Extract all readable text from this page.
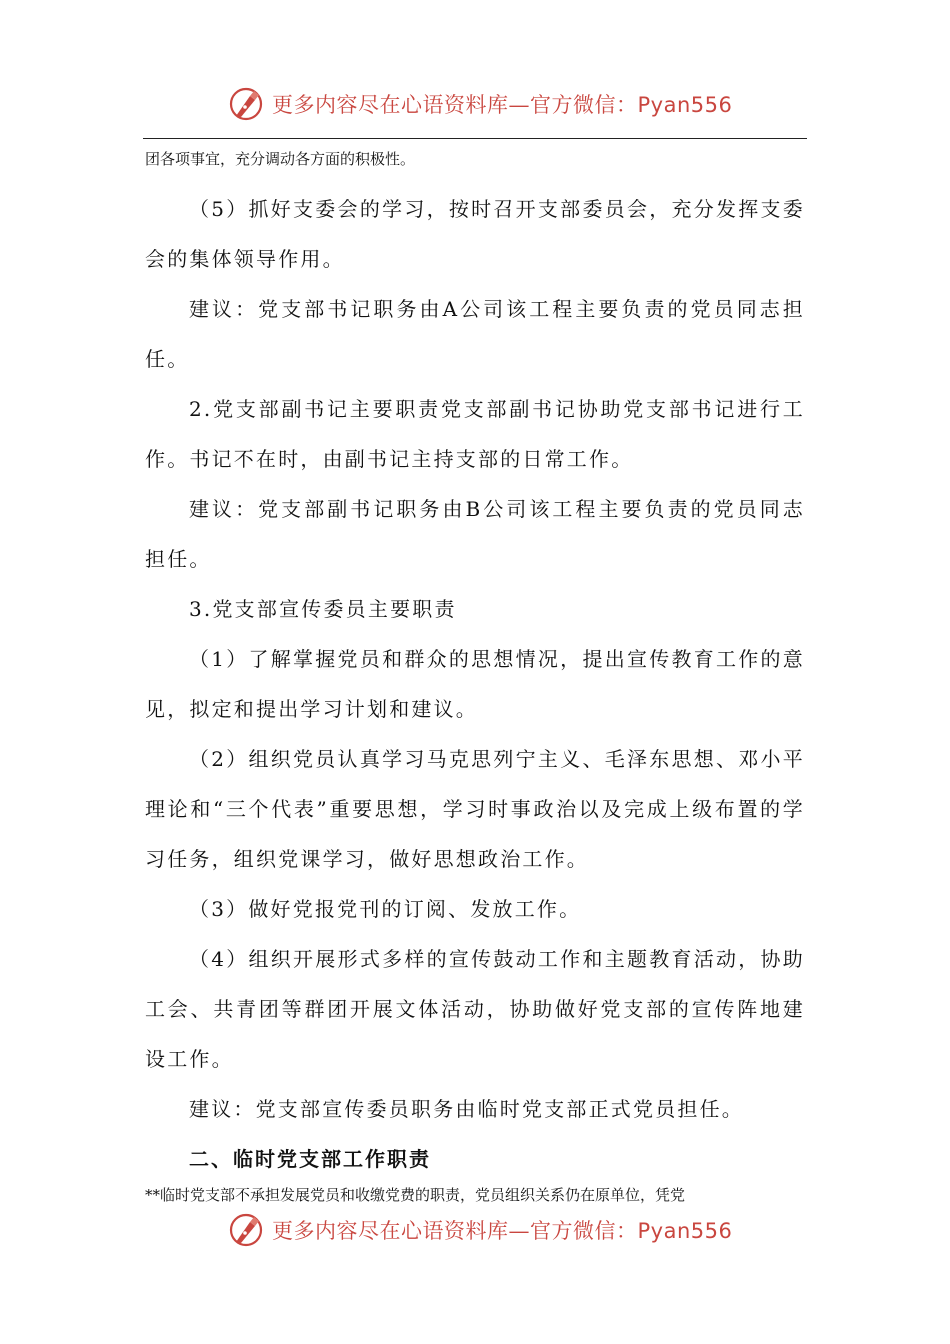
更多内容尽在心语资料库—官方微信：Pyan556

团各项事宜，充分调动各方面的积极性。

（5）抓好支委会的学习，按时召开支部委员会，充分发挥支委会的集体领导作用。

建议：党支部书记职务由A公司该工程主要负责的党员同志担任。

2.党支部副书记主要职责党支部副书记协助党支部书记进行工作。书记不在时，由副书记主持支部的日常工作。

建议：党支部副书记职务由B公司该工程主要负责的党员同志担任。

3.党支部宣传委员主要职责

（1）了解掌握党员和群众的思想情况，提出宣传教育工作的意见，拟定和提出学习计划和建议。

（2）组织党员认真学习马克思列宁主义、毛泽东思想、邓小平理论和“三个代表”重要思想，学习时事政治以及完成上级布置的学习任务，组织党课学习，做好思想政治工作。

（3）做好党报党刊的订阅、发放工作。

（4）组织开展形式多样的宣传鼓动工作和主题教育活动，协助工会、共青团等群团开展文体活动，协助做好党支部的宣传阵地建设工作。

建议：党支部宣传委员职务由临时党支部正式党员担任。

二、临时党支部工作职责

**临时党支部不承担发展党员和收缴党费的职责，党员组织关系仍在原单位，凭党

更多内容尽在心语资料库—官方微信：Pyan556
